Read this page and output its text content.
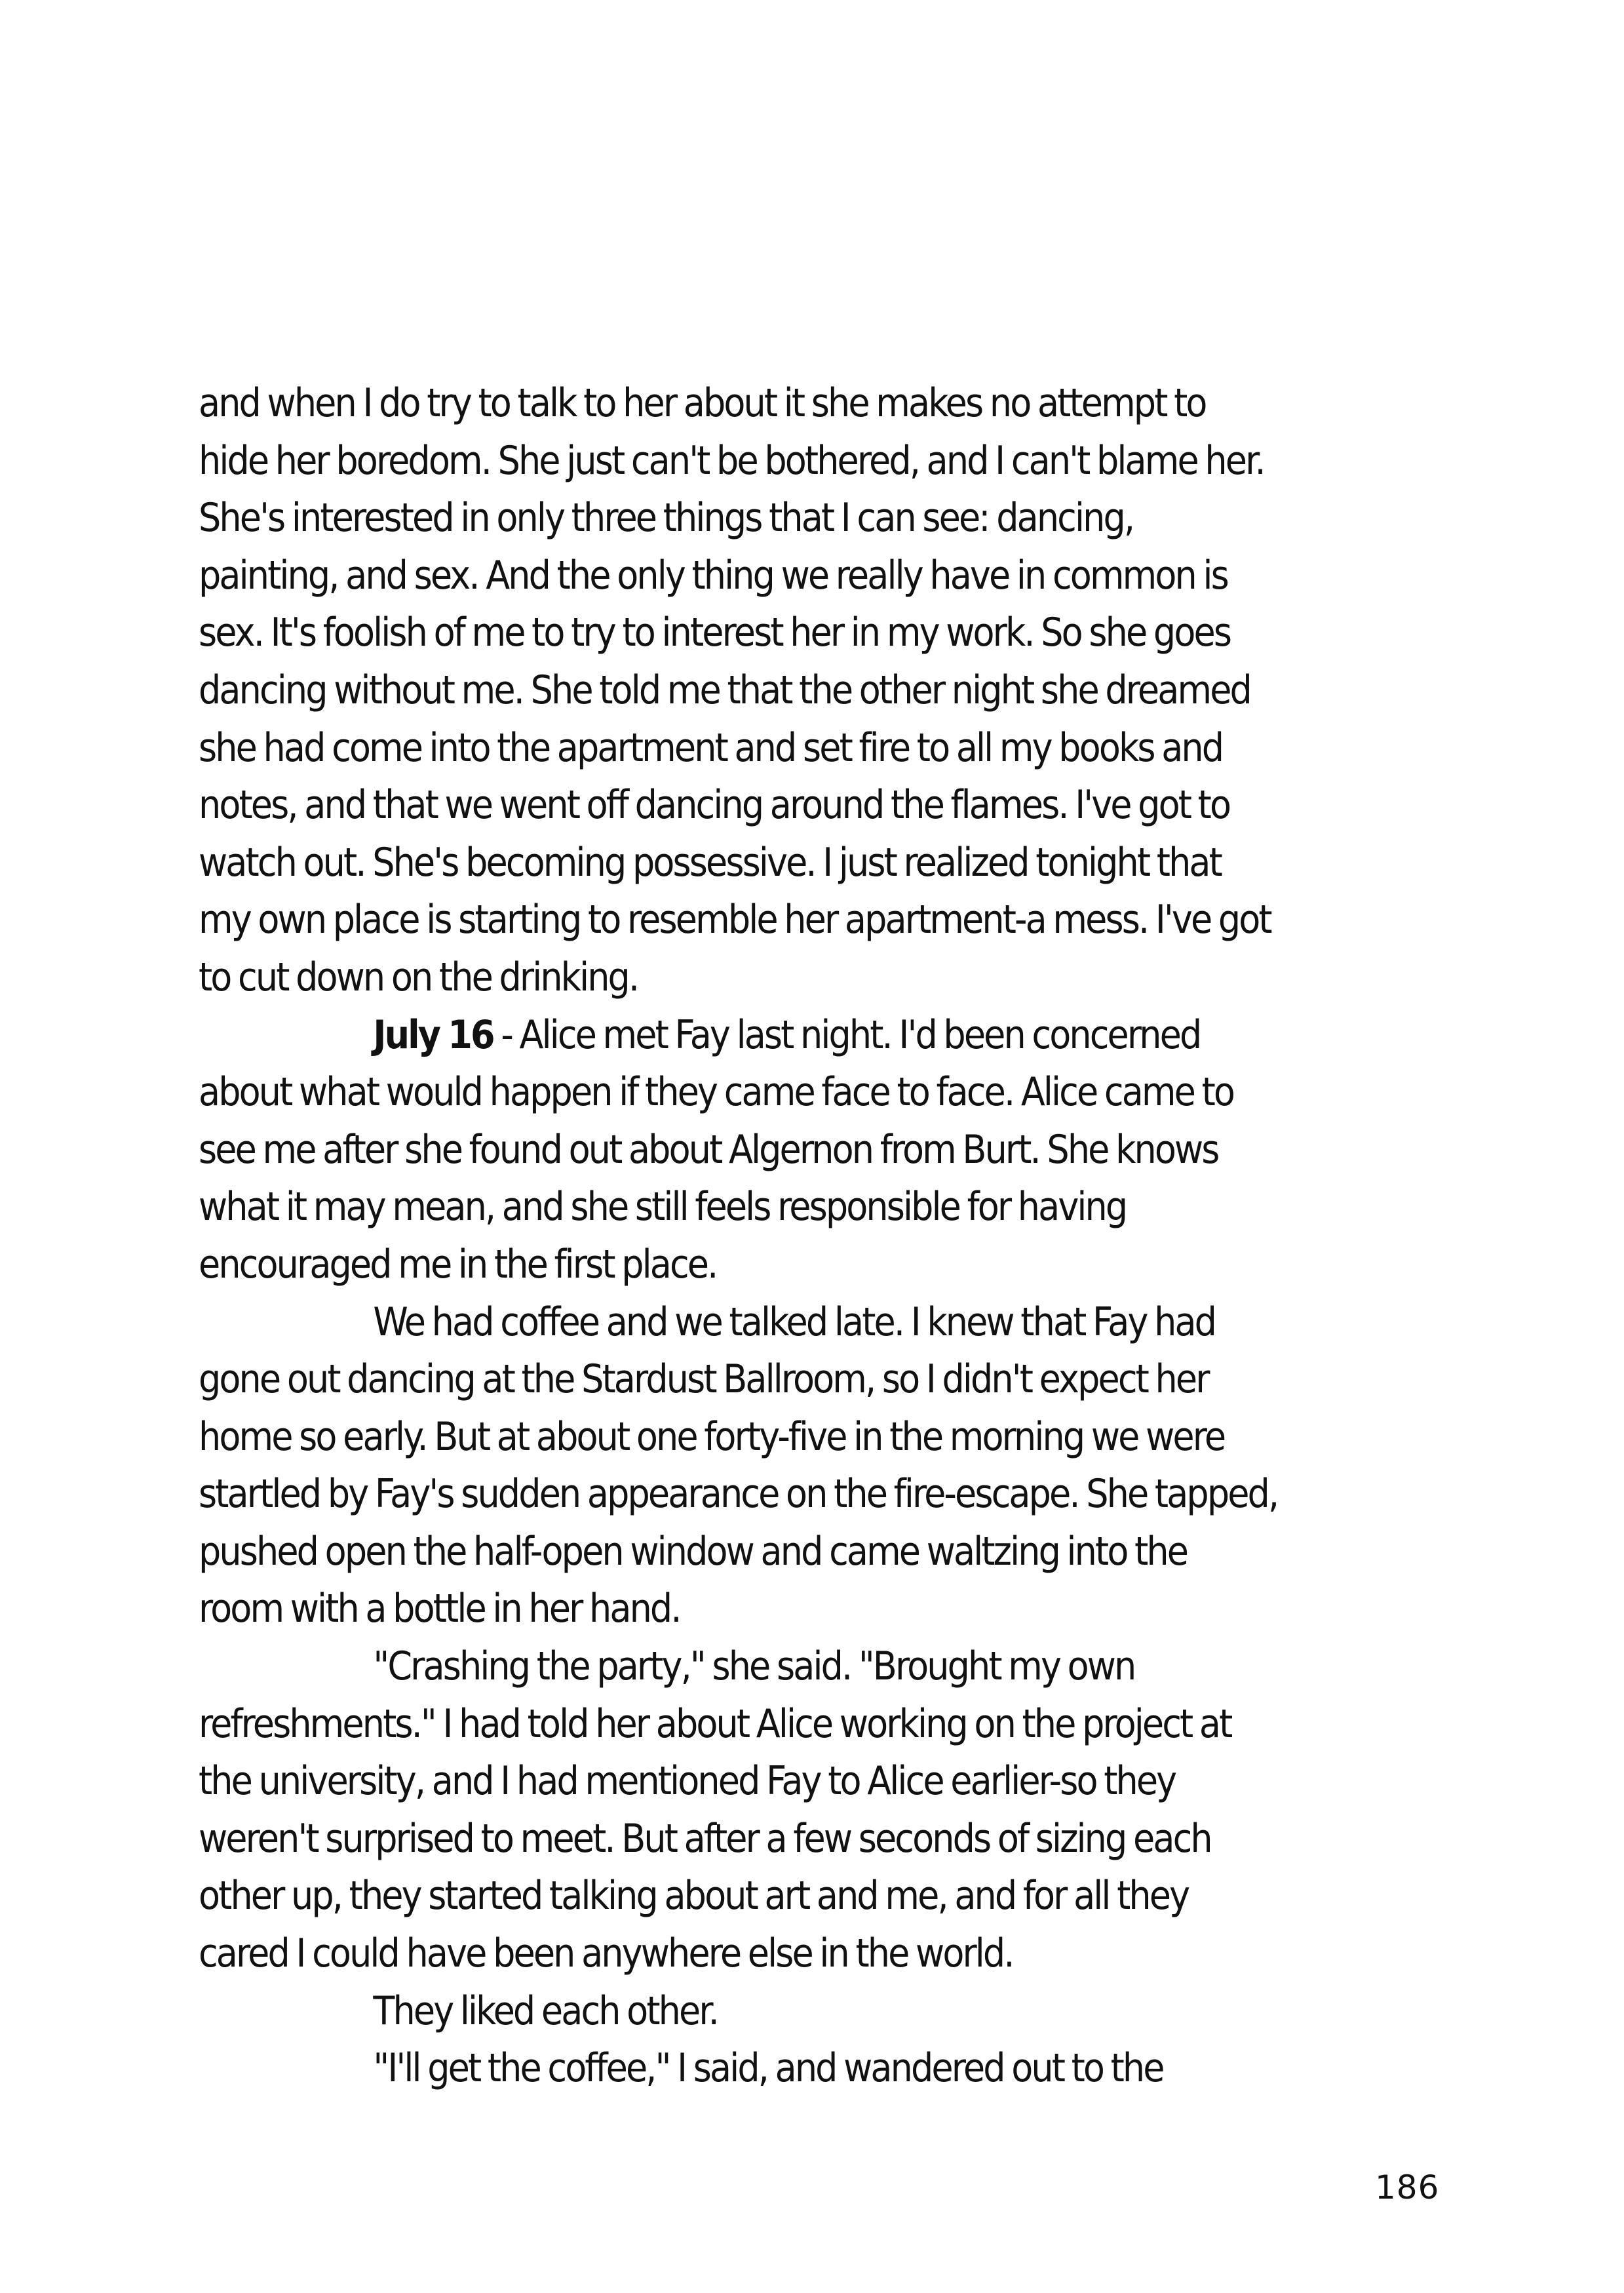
and when I do try to talk to her about it she makes no attempt to

hide her boredom. She just can't be bothered, and I can't blame her.

She's interested in only three things that I can see: dancing,

painting, and sex. And the only thing we really have in common is

sex. It's foolish of me to try to interest her in my work. So she goes

dancing without me. She told me that the other night she dreamed

she had come into the apartment and set fire to all my books and

notes, and that we went off dancing around the flames. I've got to

watch out. She's becoming possessive. I just realized tonight that

my own place is starting to resemble her apartment-a mess. I've got

to cut down on the drinking.

July 16 - Alice met Fay last night. I'd been concerned

about what would happen if they came face to face. Alice came to

see me after she found out about Algernon from Burt. She knows

what it may mean, and she still feels responsible for having

encouraged me in the first place.

We had coffee and we talked late. I knew that Fay had

gone out dancing at the Stardust Ballroom, so I didn't expect her

home so early. But at about one forty-five in the morning we were

startled by Fay's sudden appearance on the fire-escape. She tapped,

pushed open the half-open window and came waltzing into the

room with a bottle in her hand.

"Crashing the party," she said. "Brought my own

refreshments." I had told her about Alice working on the project at

the university, and I had mentioned Fay to Alice earlier-so they

weren't surprised to meet. But after a few seconds of sizing each

other up, they started talking about art and me, and for all they

cared I could have been anywhere else in the world.

They liked each other.

"I'll get the coffee," I said, and wandered out to the

186
